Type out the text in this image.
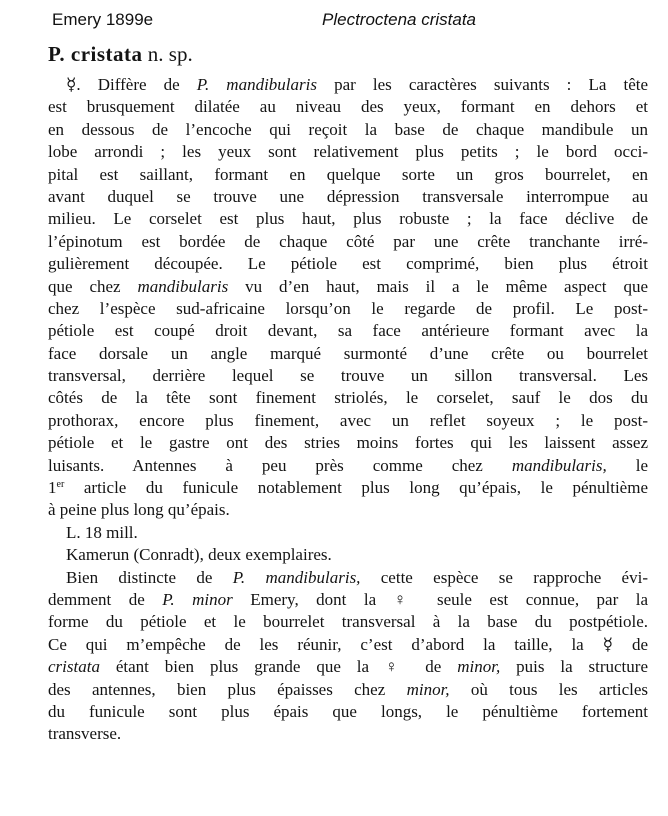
Emery 1899e	Plectroctena cristata
P. cristata n. sp.
☿. Diffère de P. mandibularis par les caractères suivants : La tête
est brusquement dilatée au niveau des yeux, formant en dehors et
en dessous de l’encoche qui reçoit la base de chaque mandibule un
lobe arrondi ; les yeux sont relativement plus petits ; le bord occi-
pital est saillant, formant en quelque sorte un gros bourrelet, en
avant duquel se trouve une dépression transversale interrompue au
milieu. Le corselet est plus haut, plus robuste ; la face déclive de
l’épinotum est bordée de chaque côté par une crête tranchante irré-
gulièrement découpée. Le pétiole est comprimé, bien plus étroit
que chez mandibularis vu d’en haut, mais il a le même aspect que
chez l’espèce sud-africaine lorsqu’on le regarde de profil. Le post-
pétiole est coupé droit devant, sa face antérieure formant avec la
face dorsale un angle marqué surmonté d’une crête ou bourrelet
transversal, derrière lequel se trouve un sillon transversal. Les
côtés de la tête sont finement striolés, le corselet, sauf le dos du
prothorax, encore plus finement, avec un reflet soyeux ; le post-
pétiole et le gastre ont des stries moins fortes qui les laissent assez
luisants. Antennes à peu près comme chez mandibularis, le
1er article du funicule notablement plus long qu’épais, le pénultième
à peine plus long qu’épais.
L. 18 mill.
Kamerun (Conradt), deux exemplaires.
Bien distincte de P. mandibularis, cette espèce se rapproche évi-
demment de P. minor Emery, dont la ♀ seule est connue, par la
forme du pétiole et le bourrelet transversal à la base du postpétiole.
Ce qui m’empêche de les réunir, c’est d’abord la taille, la ☿ de
cristata étant bien plus grande que la ♀ de minor, puis la structure
des antennes, bien plus épaisses chez minor, où tous les articles
du funicule sont plus épais que longs, le pénultième fortement
transverse.
